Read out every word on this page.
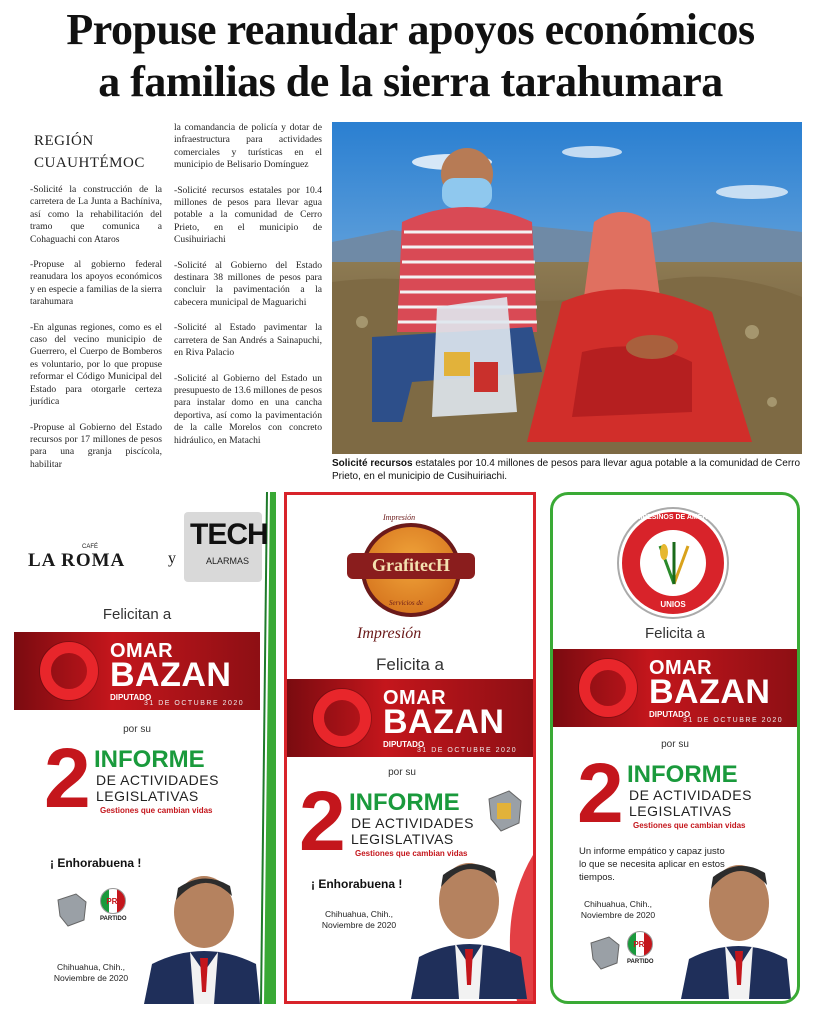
Propuse reanudar apoyos económicos
a familias de la sierra tarahumara
REGIÓN
CUAUHTÉMOC

-Solicité la construcción de la carretera de La Junta a Bachíniva, así como la rehabilitación del tramo que comunica a Cohaguachi con Ataros

-Propuse al gobierno federal reanudara los apoyos económicos y en especie a familias de la sierra tarahumara

-En algunas regiones, como es el caso del vecino municipio de Guerrero, el Cuerpo de Bomberos es voluntario, por lo que propuse reformar el Código Municipal del Estado para otorgarle certeza jurídica

-Propuse al Gobierno del Estado recursos por 17 millones de pesos para una granja piscícola, habilitar

la comandancia de policía y dotar de infraestructura para actividades comerciales y turísticas en el municipio de Belisario Domínguez

-Solicité recursos estatales por 10.4 millones de pesos para llevar agua potable a la comunidad de Cerro Prieto, en el municipio de Cusihuiriachi

-Solicité al Gobierno del Estado destinara 38 millones de pesos para concluir la pavimentación a la cabecera municipal de Maguarichi

-Solicité al Estado pavimentar la carretera de San Andrés a Sainapuchi, en Riva Palacio

-Solicité al Gobierno del Estado un presupuesto de 13.6 millones de pesos para instalar domo en una cancha deportiva, así como la pavimentación de la calle Morelos con concreto hidráulico, en Matachi

Solicité recursos estatales por 10.4 millones de pesos para llevar agua potable a la comunidad de Cerro Prieto, en el municipio de Cusihuiriachi.
CAFÉ
LA ROMA	y
TECH
ALARMAS
Felicitan a
OMAR
BAZAN
DIPUTADO
31 DE OCTUBRE 2020
por su
2 INFORME
DE ACTIVIDADES
LEGISLATIVAS
Gestiones que cambian vidas
¡ Enhorabuena !
PRI
PARTIDO
Chihuahua, Chih.,
Noviembre de 2020
Impresión
GrafitecH
Servicios de
Impresión
Felicita a
OMAR
BAZAN
DIPUTADO
31 DE OCTUBRE 2020
por su
2 INFORME
DE ACTIVIDADES
LEGISLATIVAS
Gestiones que cambian vidas
¡ Enhorabuena !
Chihuahua, Chih.,
Noviembre de 2020
CAMPESINOS DE AMÉRICA
UNIOS
Felicita a
OMAR
BAZAN
DIPUTADO
31 DE OCTUBRE 2020
por su
2 INFORME
DE ACTIVIDADES
LEGISLATIVAS
Gestiones que cambian vidas
Un informe empático y capaz justo lo que se necesita aplicar en estos tiempos.
Chihuahua, Chih.,
Noviembre de 2020
PRI
PARTIDO
